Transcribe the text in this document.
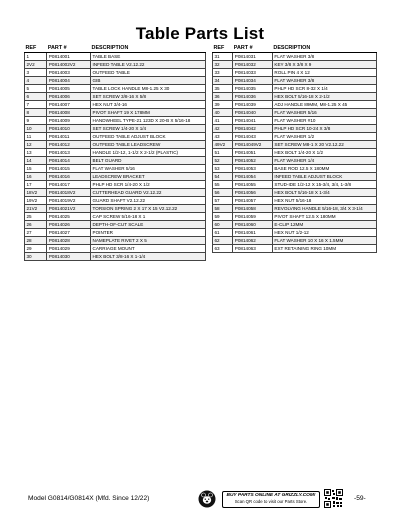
Table Parts List
REF	PART #	DESCRIPTION
1	P0814001	TABLE BASE
2V2	P0814002V2	INFEED TABLE V2.12.22
3	P0814003	OUTFEED TABLE
4	P0814004	GIB
5	P0814005	TABLE LOCK HANDLE M8-1.25 X 30
6	P0814006	SET SCREW 3/8-16 X 5/8
7	P0814007	HEX NUT 3/4-16
8	P0814008	PIVOT SHAFT 19 X 178MM
9	P0814009	HANDWHEEL TYPE-21 123D X 20-B X 5/16-18
10	P0814010	SET SCREW 1/4-20 X 1/4
11	P0814011	OUTFEED TABLE ADJUST BLOCK
12	P0814012	OUTFEED TABLE LEADSCREW
13	P0814013	HANDLE 1/2-12, 1-1/2 X 2-1/2 (PLASTIC)
14	P0814014	BELT GUARD
15	P0814015	FLAT WASHER 5/16
16	P0814016	LEADSCREW BRACKET
17	P0814017	PHLP HD SCR 1/4-20 X 1/2
18V2	P0814018V2	CUTTERHEAD GUARD V2.12.22
19V2	P0814019V2	GUARD SHAFT V2.12.22
21V2	P0814021V2	TORSION SPRING 2 X 17 X 15 V2.12.22
25	P0814025	CAP SCREW 5/16-18 X 1
26	P0814026	DEPTH-OF-CUT SCALE
27	P0814027	POINTER
28	P0814028	NAMEPLATE RIVET 2 X 5
29	P0814029	CARRIAGE MOUNT
30	P0814030	HEX BOLT 3/8-16 X 1-1/4
REF	PART #	DESCRIPTION
31	P0814031	FLAT WASHER 3/8
32	P0814032	KEY 3/8 X 3/8 X 9
33	P0814033	ROLL PIN 4 X 12
34	P0814034	FLAT WASHER 3/8
35	P0814035	PHLP HD SCR 8-32 X 1/4
36	P0814036	HEX BOLT 5/16-18 X 2-1/2
39	P0814039	ADJ HANDLE 89MM, M8-1.25 X 45
40	P0814040	FLAT WASHER 5/16
41	P0814041	FLAT WASHER #10
42	P0814042	PHLP HD SCR 10-24 X 3/8
43	P0814043	FLAT WASHER 1/2
49V2	P0814049V2	SET SCREW M8-1 X 20 V2.12.22
51	P0814051	HEX BOLT 1/4-20 X 1/2
52	P0814052	FLAT WASHER 1/4
53	P0814053	BASE ROD 12.5 X 180MM
54	P0814054	INFEED TABLE ADJUST BLOCK
55	P0814055	STUD-IDE 1/2-12 X 15-3/4, 3/4, 1-3/8
56	P0814056	HEX BOLT 5/16-18 X 1-3/4
57	P0814057	HEX NUT 5/16-18
58	P0814058	REVOLVING HANDLE 5/16-18, 3/4 X 3-1/4
59	P0814059	PIVOT SHAFT 12.5 X 180MM
60	P0814060	E-CLIP 12MM
61	P0814061	HEX NUT 1/2-12
62	P0814062	FLAT WASHER 10 X 16 X 1.5MM
63	P0814063	EXT RETAINING RING 10MM
Model G0814/G0814X (Mfd. Since 12/22)	BUY PARTS ONLINE AT GRIZZLY.COM!
Scan QR code to visit our Parts Store.	-59-
